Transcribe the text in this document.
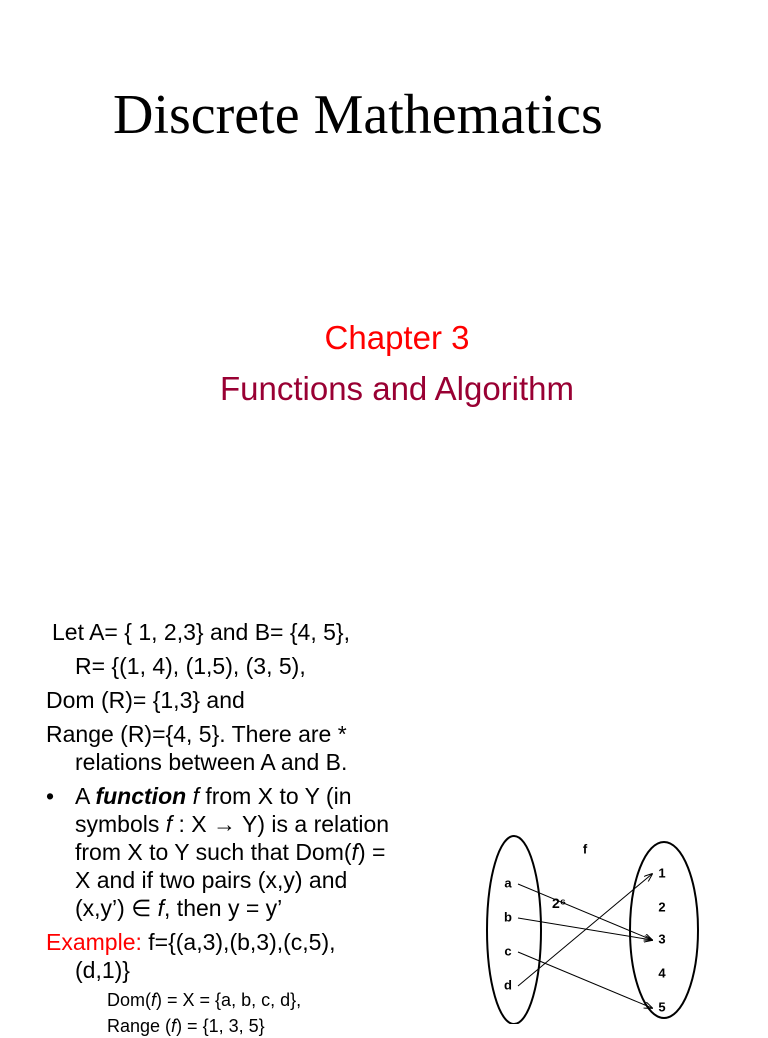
Discrete Mathematics
Chapter 3
Functions and Algorithm
Let A= { 1, 2,3} and B= {4, 5},
R= {(1, 4), (1,5), (3, 5),
Dom (R)= {1,3} and
Range (R)={4, 5}. There are *
relations between A and B.
• A function f from X to Y (in
symbols f : X → Y) is a relation
from X to Y such that Dom(f) =
X and if two pairs (x,y) and
(x,y’) ∈ f, then y = y’
Example: f={(a,3),(b,3),(c,5),
(d,1)}
Dom(f) = X = {a, b, c, d},
Range (f) = {1, 3, 5}
a
b
c
d
1
2
3
4
5
f
2⁶
